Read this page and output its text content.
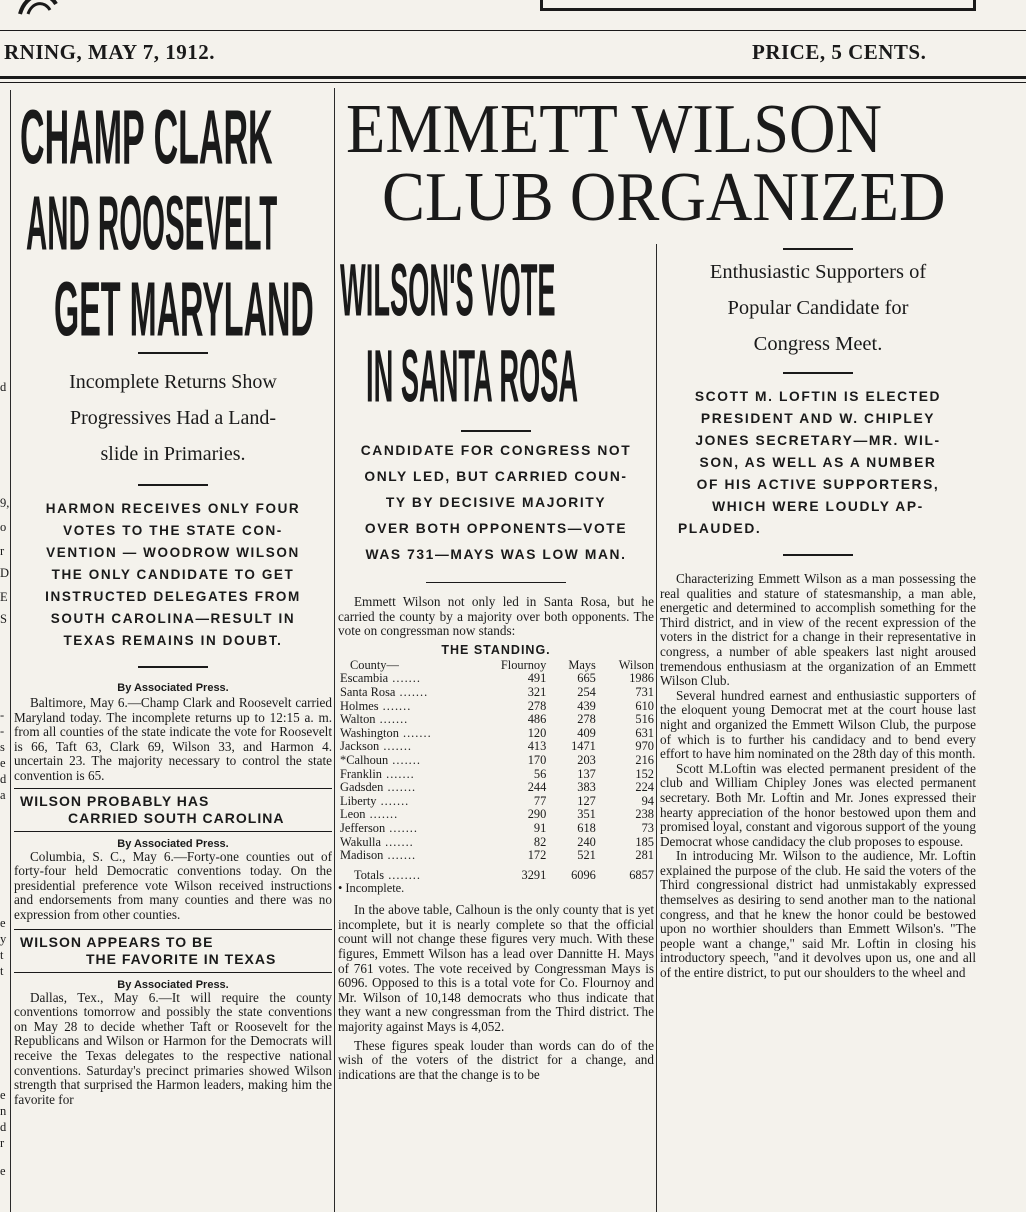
RNING, MAY 7, 1912.	PRICE, 5 CENTS.
d
9,
o
r
D
E
S
-
-
s
e
d
a
e
y
t
t
e
n
d
r
e
CHAMP CLARK
AND ROOSEVELT
GET MARYLAND
Incomplete Returns Show
Progressives Had a Land-
slide in Primaries.
HARMON RECEIVES ONLY FOUR
VOTES TO THE STATE CON-
VENTION — WOODROW WILSON
THE ONLY CANDIDATE TO GET
INSTRUCTED DELEGATES FROM
SOUTH CAROLINA—RESULT IN
TEXAS REMAINS IN DOUBT.

By Associated Press.

Baltimore, May 6.—Champ Clark and Roosevelt carried Maryland today. The incomplete returns up to 12:15 a. m. from all counties of the state indicate the vote for Roosevelt is 66, Taft 63, Clark 69, Wilson 33, and Harmon 4. uncertain 23. The majority necessary to control the state convention is 65.

WILSON PROBABLY HAS
CARRIED SOUTH CAROLINA

By Associated Press.

Columbia, S. C., May 6.—Forty-one counties out of forty-four held Democratic conventions today. On the presidential preference vote Wilson received instructions and endorsements from many counties and there was no expression from other counties.

WILSON APPEARS TO BE
THE FAVORITE IN TEXAS

By Associated Press.

Dallas, Tex., May 6.—It will require the county conventions tomorrow and possibly the state conventions on May 28 to decide whether Taft or Roosevelt for the Republicans and Wilson or Harmon for the Democrats will receive the Texas delegates to the respective national conventions. Saturday's precinct primaries showed Wilson strength that surprised the Harmon leaders, making him the favorite for

EMMETT WILSON
CLUB ORGANIZED
WILSON'S VOTE
IN SANTA ROSA
CANDIDATE FOR CONGRESS NOT
ONLY LED, BUT CARRIED COUN-
TY BY DECISIVE MAJORITY
OVER BOTH OPPONENTS—VOTE
WAS 731—MAYS WAS LOW MAN.

Emmett Wilson not only led in Santa Rosa, but he carried the county by a majority over both opponents. The vote on congressman now stands:

THE STANDING.
County—	Flournoy	Mays	Wilson
Escambia .......	491	665	1986
Santa Rosa .......	321	254	731
Holmes .......	278	439	610
Walton .......	486	278	516
Washington .......	120	409	631
Jackson .......	413	1471	970
*Calhoun .......	170	203	216
Franklin .......	56	137	152
Gadsden .......	244	383	224
Liberty .......	77	127	94
Leon .......	290	351	238
Jefferson .......	91	618	73
Wakulla .......	82	240	185
Madison .......	172	521	281
Totals ........	3291	6096	6857
• Incomplete.

In the above table, Calhoun is the only county that is yet incomplete, but it is nearly complete so that the official count will not change these figures very much. With these figures, Emmett Wilson has a lead over Dannitte H. Mays of 761 votes. The vote received by Congressman Mays is 6096. Opposed to this is a total vote for Co. Flournoy and Mr. Wilson of 10,148 democrats who thus indicate that they want a new congressman from the Third district. The majority against Mays is 4,052.

These figures speak louder than words can do of the wish of the voters of the district for a change, and indications are that the change is to be

Enthusiastic Supporters of
Popular Candidate for
Congress Meet.
SCOTT M. LOFTIN IS ELECTED
PRESIDENT AND W. CHIPLEY
JONES SECRETARY—MR. WIL-
SON, AS WELL AS A NUMBER
OF HIS ACTIVE SUPPORTERS,
WHICH WERE LOUDLY AP-
PLAUDED.

Characterizing Emmett Wilson as a man possessing the real qualities and stature of statesmanship, a man able, energetic and determined to accomplish something for the Third district, and in view of the recent expression of the voters in the district for a change in their representative in congress, a number of able speakers last night aroused tremendous enthusiasm at the organization of an Emmett Wilson Club.

Several hundred earnest and enthusiastic supporters of the eloquent young Democrat met at the court house last night and organized the Emmett Wilson Club, the purpose of which is to further his candidacy and to bend every effort to have him nominated on the 28th day of this month.

Scott M.Loftin was elected permanent president of the club and William Chipley Jones was elected permanent secretary. Both Mr. Loftin and Mr. Jones expressed their hearty appreciation of the honor bestowed upon them and promised loyal, constant and vigorous support of the young Democrat whose candidacy the club proposes to espouse.

In introducing Mr. Wilson to the audience, Mr. Loftin explained the purpose of the club. He said the voters of the Third congressional district had unmistakably expressed themselves as desiring to send another man to the national congress, and that he knew the honor could be bestowed upon no worthier shoulders than Emmett Wilson's. "The people want a change," said Mr. Loftin in closing his introductory speech, "and it devolves upon us, one and all of the entire district, to put our shoulders to the wheel and
